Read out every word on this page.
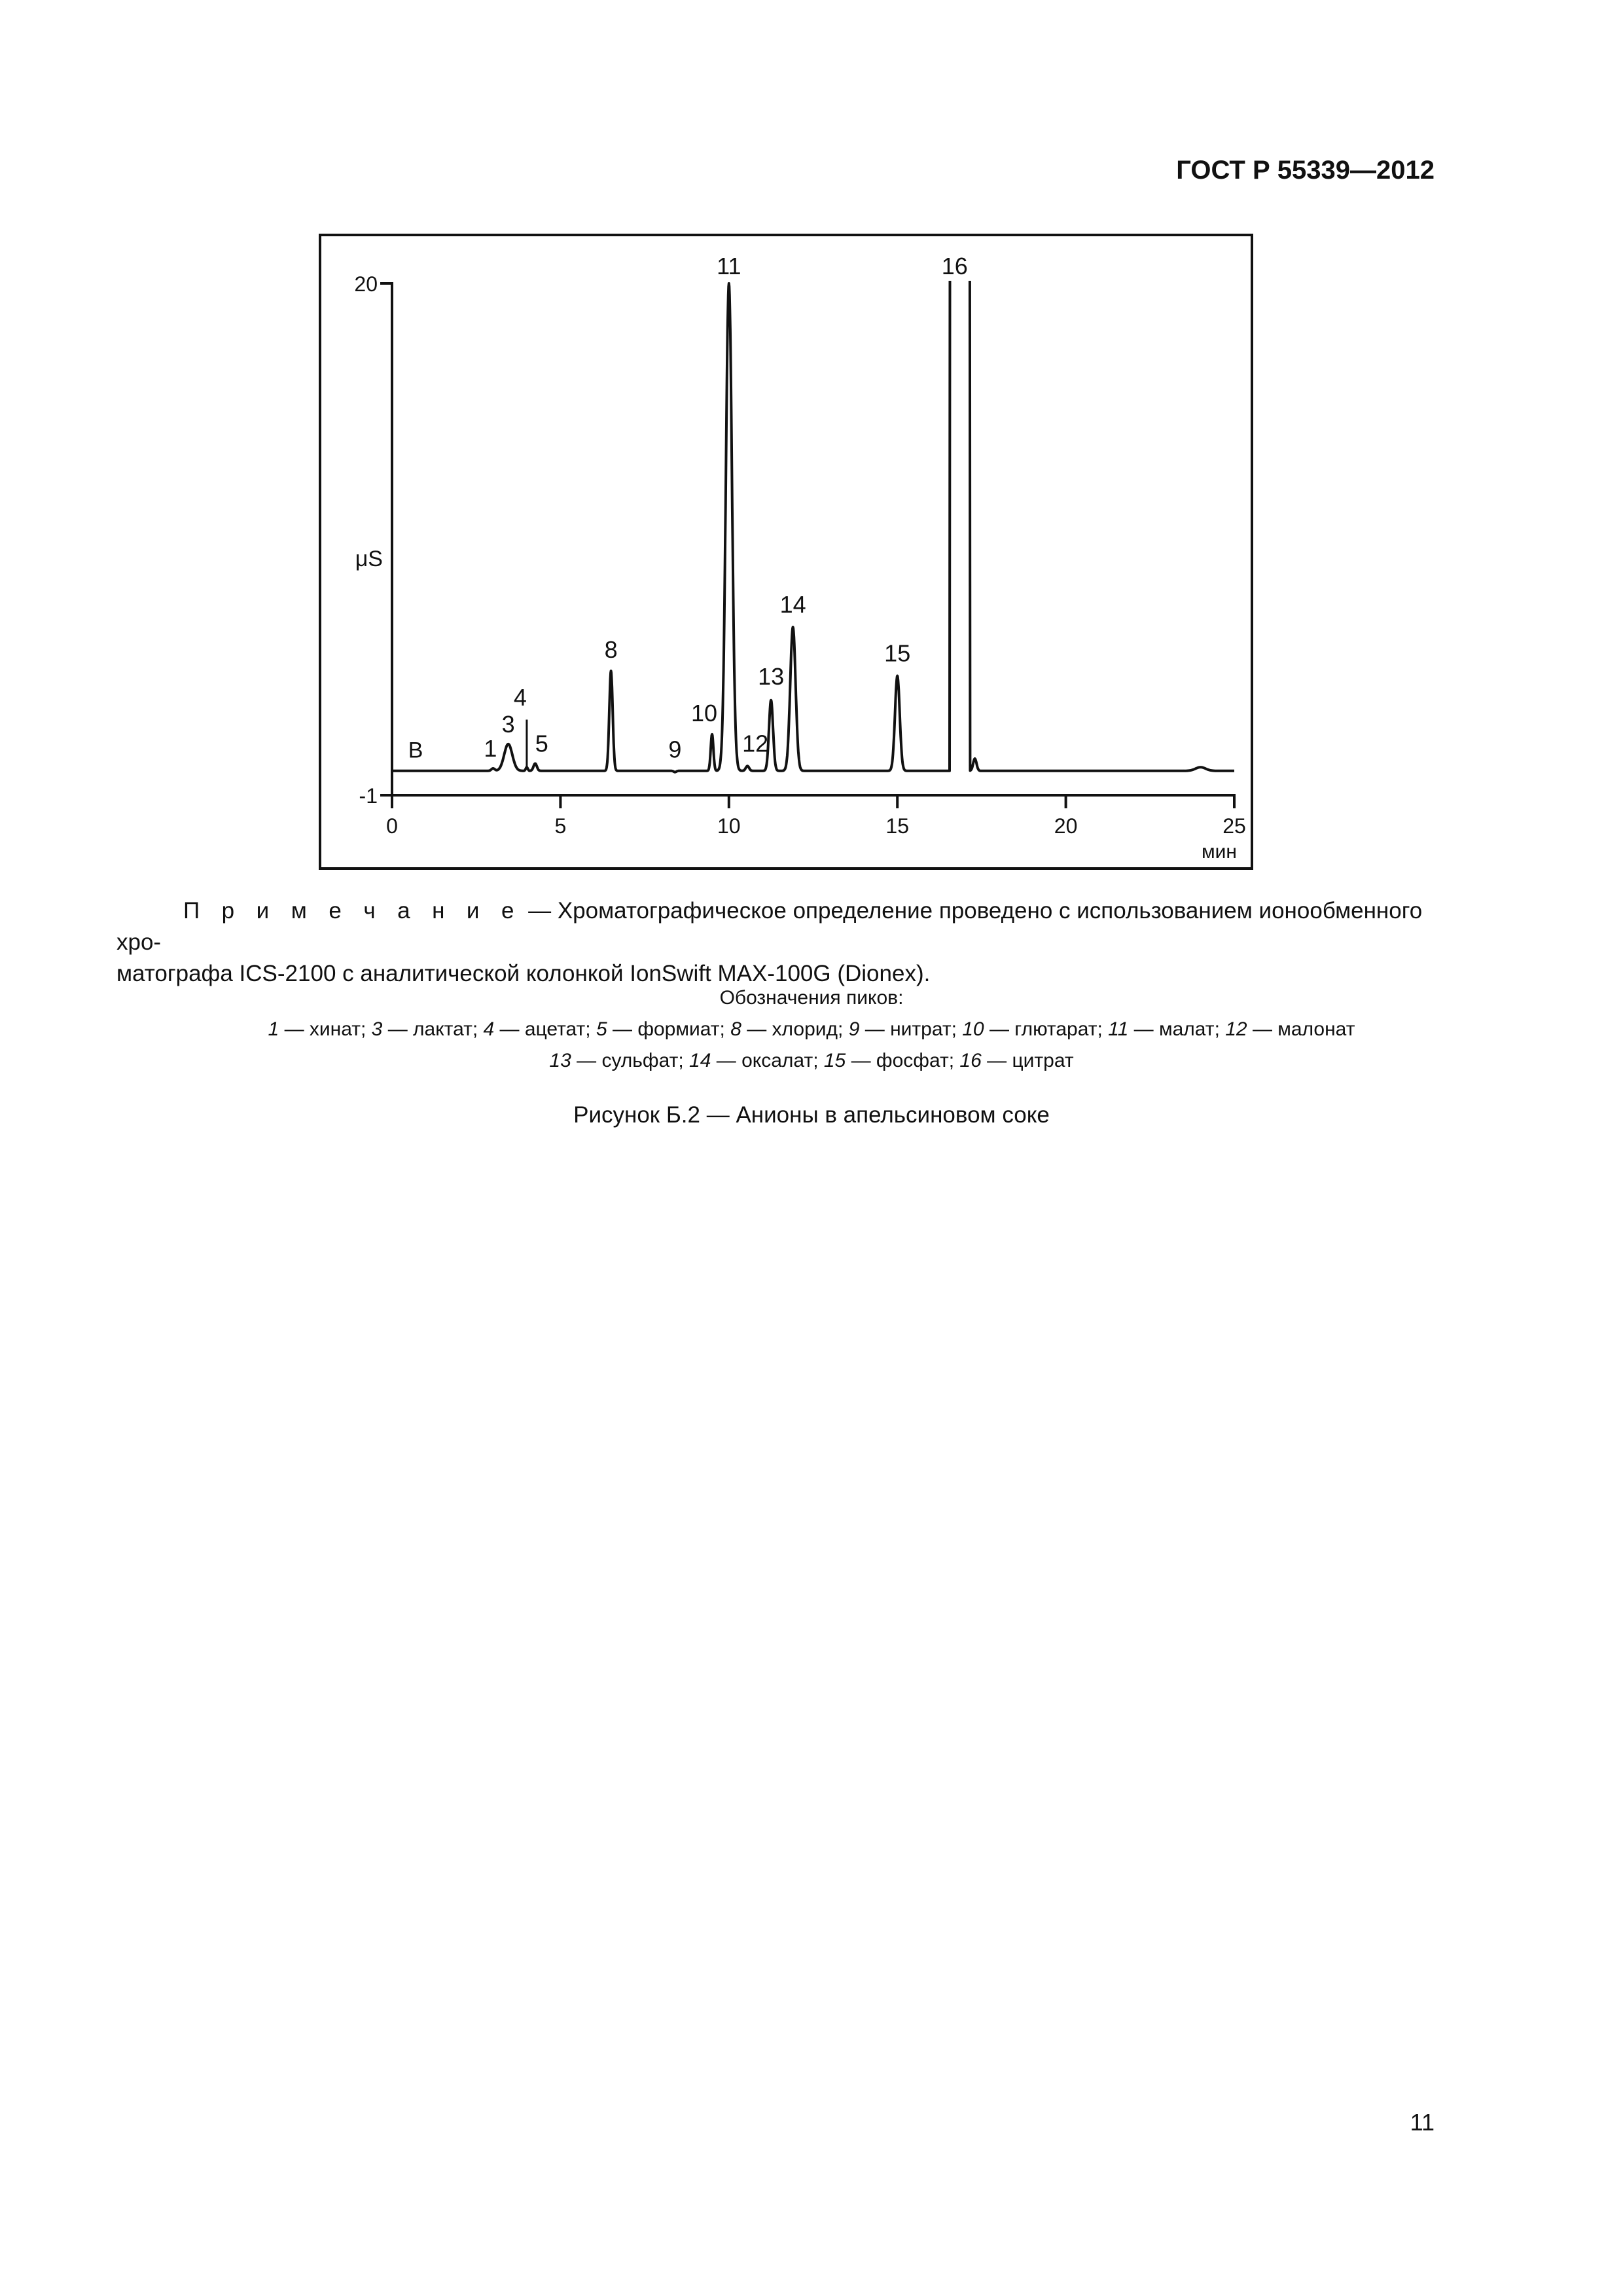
ГОСТ Р 55339—2012
20
-1
0	5	10	15	20	25
мин
μS
B	1
3
4
5
8
9
10
11
12
13
14
15
16
П р и м е ч а н и е — Хроматографическое определение проведено с использованием ионообменного хро-
матографа ICS-2100 с аналитической колонкой IonSwift MAX-100G (Dionex).
Обозначения пиков:
1 — хинат; 3 — лактат; 4 — ацетат; 5 — формиат; 8 — хлорид; 9 — нитрат; 10 — глютарат; 11 — малат; 12 — малонат
13 — сульфат; 14 — оксалат; 15 — фосфат; 16 — цитрат
Рисунок Б.2 — Анионы в апельсиновом соке
11
